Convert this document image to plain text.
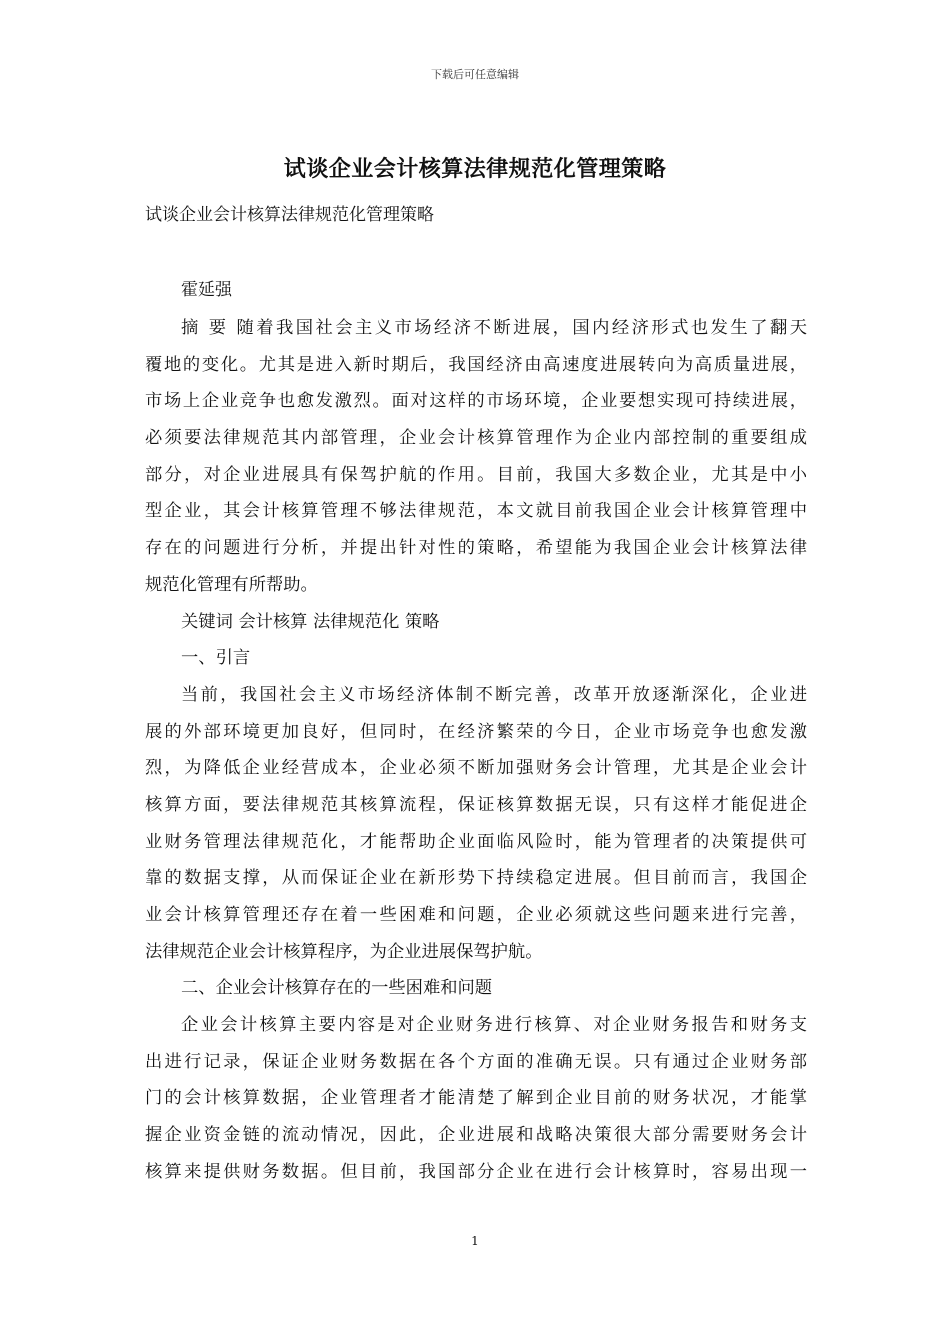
下载后可任意编辑
试谈企业会计核算法律规范化管理策略
试谈企业会计核算法律规范化管理策略
霍延强
摘 要 随着我国社会主义市场经济不断进展，国内经济形式也发生了翻天
覆地的变化。尤其是进入新时期后，我国经济由高速度进展转向为高质量进展，
市场上企业竞争也愈发激烈。面对这样的市场环境，企业要想实现可持续进展，
必须要法律规范其内部管理，企业会计核算管理作为企业内部控制的重要组成
部分，对企业进展具有保驾护航的作用。目前，我国大多数企业，尤其是中小
型企业，其会计核算管理不够法律规范，本文就目前我国企业会计核算管理中
存在的问题进行分析，并提出针对性的策略，希望能为我国企业会计核算法律
规范化管理有所帮助。
关键词 会计核算 法律规范化 策略
一、引言
当前，我国社会主义市场经济体制不断完善，改革开放逐渐深化，企业进
展的外部环境更加良好，但同时，在经济繁荣的今日，企业市场竞争也愈发激
烈，为降低企业经营成本，企业必须不断加强财务会计管理，尤其是企业会计
核算方面，要法律规范其核算流程，保证核算数据无误，只有这样才能促进企
业财务管理法律规范化，才能帮助企业面临风险时，能为管理者的决策提供可
靠的数据支撑，从而保证企业在新形势下持续稳定进展。但目前而言，我国企
业会计核算管理还存在着一些困难和问题，企业必须就这些问题来进行完善，
法律规范企业会计核算程序，为企业进展保驾护航。
二、企业会计核算存在的一些困难和问题
企业会计核算主要内容是对企业财务进行核算、对企业财务报告和财务支
出进行记录，保证企业财务数据在各个方面的准确无误。只有通过企业财务部
门的会计核算数据，企业管理者才能清楚了解到企业目前的财务状况，才能掌
握企业资金链的流动情况，因此，企业进展和战略决策很大部分需要财务会计
核算来提供财务数据。但目前，我国部分企业在进行会计核算时，容易出现一
1
